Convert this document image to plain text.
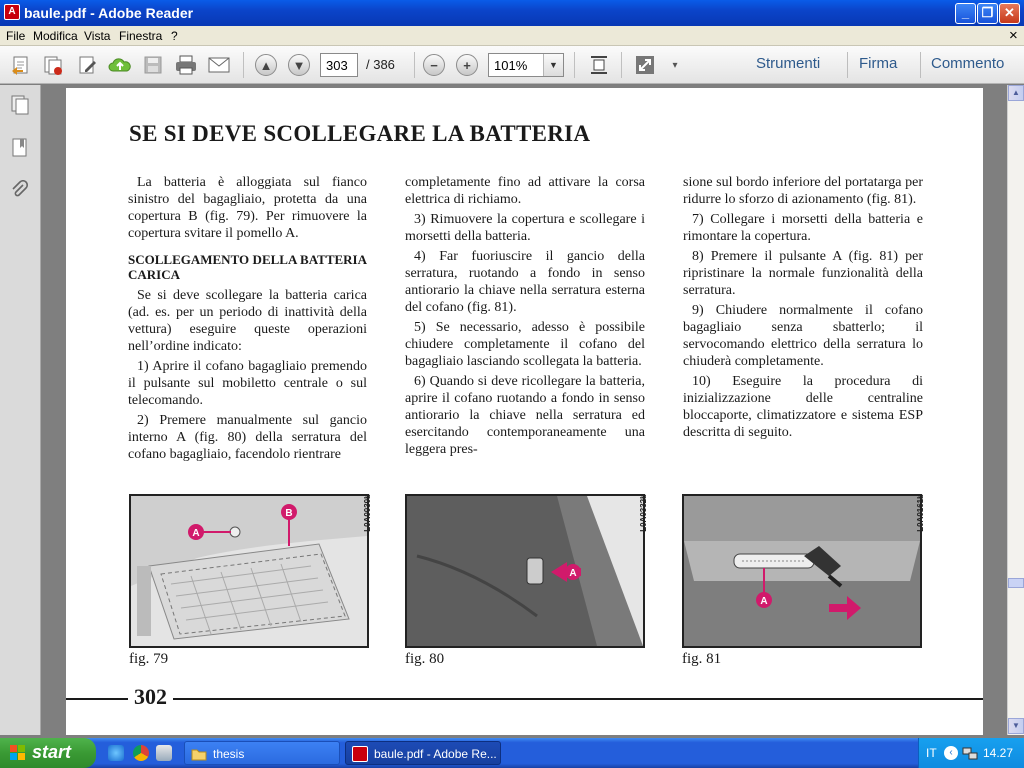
A baule.pdf - Adobe Reader	_ ❐ ✕
File Modifica Vista Finestra ?	×
▲	▼	−	+	▾
303	/ 386	101%	▼	Strumenti	Firma Commento
SE SI DEVE SCOLLEGARE LA BATTERIA

La batteria è alloggiata sul fianco sinistro del bagagliaio, protetta da una copertura B (fig. 79). Per rimuovere la copertura svitare il pomello A.

SCOLLEGAMENTO DELLA BATTERIA CARICA

Se si deve scollegare la batteria carica (ad. es. per un periodo di inattività della vettura) eseguire queste operazioni nell’ordine indicato:

1) Aprire il cofano bagagliaio premendo il pulsante sul mobiletto centrale o sul telecomando.

2) Premere manualmente sul gancio interno A (fig. 80) della serratura del cofano bagagliaio, facendolo rientrare

completamente fino ad attivare la corsa elettrica di richiamo.

3) Rimuovere la copertura e scollegare i morsetti della batteria.

4) Far fuoriuscire il gancio della serratura, ruotando a fondo in senso antiorario la chiave nella serratura esterna del cofano (fig. 81).

5) Se necessario, adesso è possibile chiudere completamente il cofano del bagagliaio lasciando scollegata la batteria.

6) Quando si deve ricollegare la batteria, aprire il cofano ruotando a fondo in senso antiorario la chiave nella serratura ed esercitando contemporaneamente una leggera pres-

sione sul bordo inferiore del portatarga per ridurre lo sforzo di azionamento (fig. 81).

7) Collegare i morsetti della batteria e rimontare la copertura.

8) Premere il pulsante A (fig. 81) per ripristinare la normale funzionalità della serratura.

9) Chiudere normalmente il cofano bagagliaio senza sbatterlo; il servocomando elettrico della serratura lo chiuderà completamente.

10) Eseguire la procedura di inizializzazione delle centraline bloccaporte, climatizzatore e sistema ESP descritta di seguito.

A
B	L0A0030b
fig. 79
A
L0A0332b
fig. 80
A
L0A0161b
fig. 81
302
▲
▼
start	thesis	baule.pdf - Adobe Re...	IT	‹	14.27
